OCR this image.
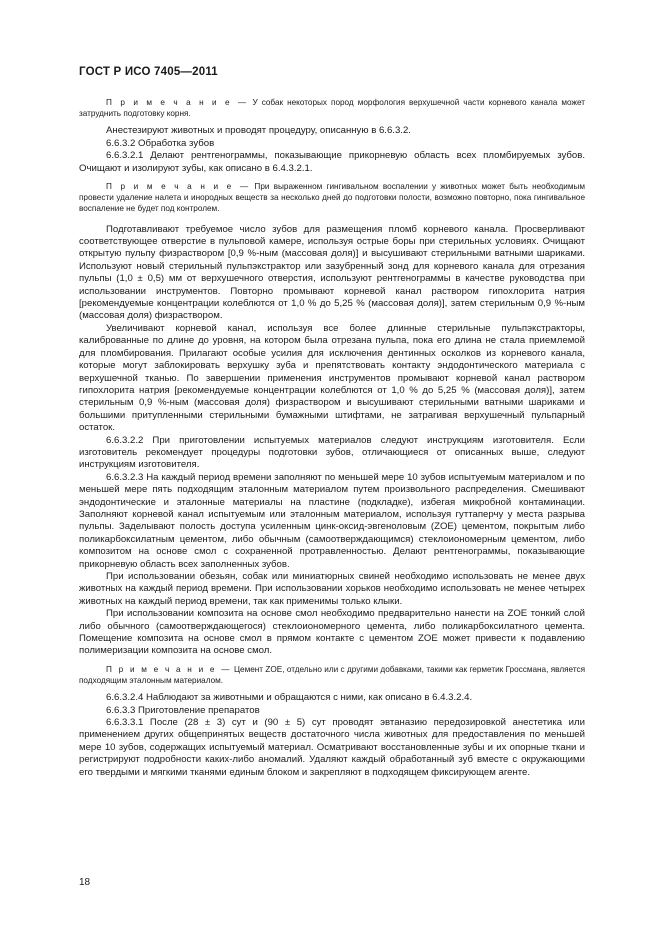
ГОСТ Р ИСО 7405—2011

П р и м е ч а н и е — У собак некоторых пород морфология верхушечной части корневого канала может затруднить подготовку корня.

Анестезируют животных и проводят процедуру, описанную в 6.6.3.2.

6.6.3.2 Обработка зубов

6.6.3.2.1 Делают рентгенограммы, показывающие прикорневую область всех пломбируемых зубов. Очищают и изолируют зубы, как описано в 6.4.3.2.1.

П р и м е ч а н и е — При выраженном гингивальном воспалении у животных может быть необходимым провести удаление налета и инородных веществ за несколько дней до подготовки полости, возможно повторно, пока гингивальное воспаление не будет под контролем.

Подготавливают требуемое число зубов для размещения пломб корневого канала. Просверливают соответствующее отверстие в пульповой камере, используя острые боры при стерильных условиях. Очищают открытую пульпу физраствором [0,9 %-ным (массовая доля)] и высушивают стерильными ватными шариками. Используют новый стерильный пульпэкстрактор или зазубренный зонд для корневого канала для отрезания пульпы (1,0 ± 0,5) мм от верхушечного отверстия, используют рентгенограммы в качестве руководства при использовании инструментов. Повторно промывают корневой канал раствором гипохлорита натрия [рекомендуемые концентрации колеблются от 1,0 % до 5,25 % (массовая доля)], затем стерильным 0,9 %-ным (массовая доля) физраствором.

Увеличивают корневой канал, используя все более длинные стерильные пульпэкстракторы, калиброванные по длине до уровня, на котором была отрезана пульпа, пока его длина не стала приемлемой для пломбирования. Прилагают особые усилия для исключения дентинных осколков из корневого канала, которые могут заблокировать верхушку зуба и препятствовать контакту эндодонтического материала с верхушечной тканью. По завершении применения инструментов промывают корневой канал раствором гипохлорита натрия [рекомендуемые концентрации колеблются от 1,0 % до 5,25 % (массовая доля)], затем стерильным 0,9 %-ным (массовая доля) физраствором и высушивают стерильными ватными шариками и большими притупленными стерильными бумажными штифтами, не затрагивая верхушечный пульпарный остаток.

6.6.3.2.2 При приготовлении испытуемых материалов следуют инструкциям изготовителя. Если изготовитель рекомендует процедуры подготовки зубов, отличающиеся от описанных выше, следуют инструкциям изготовителя.

6.6.3.2.3 На каждый период времени заполняют по меньшей мере 10 зубов испытуемым материалом и по меньшей мере пять подходящим эталонным материалом путем произвольного распределения. Смешивают эндодонтические и эталонные материалы на пластине (подкладке), избегая микробной контаминации. Заполняют корневой канал испытуемым или эталонным материалом, используя гуттаперчу у места разрыва пульпы. Заделывают полость доступа усиленным цинк-оксид-эвгеноловым (ZOE) цементом, покрытым либо поликарбоксилатным цементом, либо обычным (самоотверждающимся) стеклоиономерным цементом, либо композитом на основе смол с сохраненной протравленностью. Делают рентгенограммы, показывающие прикорневую область всех заполненных зубов.

При использовании обезьян, собак или миниатюрных свиней необходимо использовать не менее двух животных на каждый период времени. При использовании хорьков необходимо использовать не менее четырех животных на каждый период времени, так как применимы только клыки.

При использовании композита на основе смол необходимо предварительно нанести на ZOE тонкий слой либо обычного (самоотверждающегося) стеклоиономерного цемента, либо поликарбоксилатного цемента. Помещение композита на основе смол в прямом контакте с цементом ZOE может привести к подавлению полимеризации композита на основе смол.

П р и м е ч а н и е — Цемент ZOE, отдельно или с другими добавками, такими как герметик Гроссмана, является подходящим эталонным материалом.

6.6.3.2.4 Наблюдают за животными и обращаются с ними, как описано в 6.4.3.2.4.

6.6.3.3 Приготовление препаратов

6.6.3.3.1 После (28 ± 3) сут и (90 ± 5) сут проводят эвтаназию передозировкой анестетика или применением других общепринятых веществ достаточного числа животных для предоставления по меньшей мере 10 зубов, содержащих испытуемый материал. Осматривают восстановленные зубы и их опорные ткани и регистрируют подробности каких-либо аномалий. Удаляют каждый обработанный зуб вместе с окружающими его твердыми и мягкими тканями единым блоком и закрепляют в подходящем фиксирующем агенте.

18
